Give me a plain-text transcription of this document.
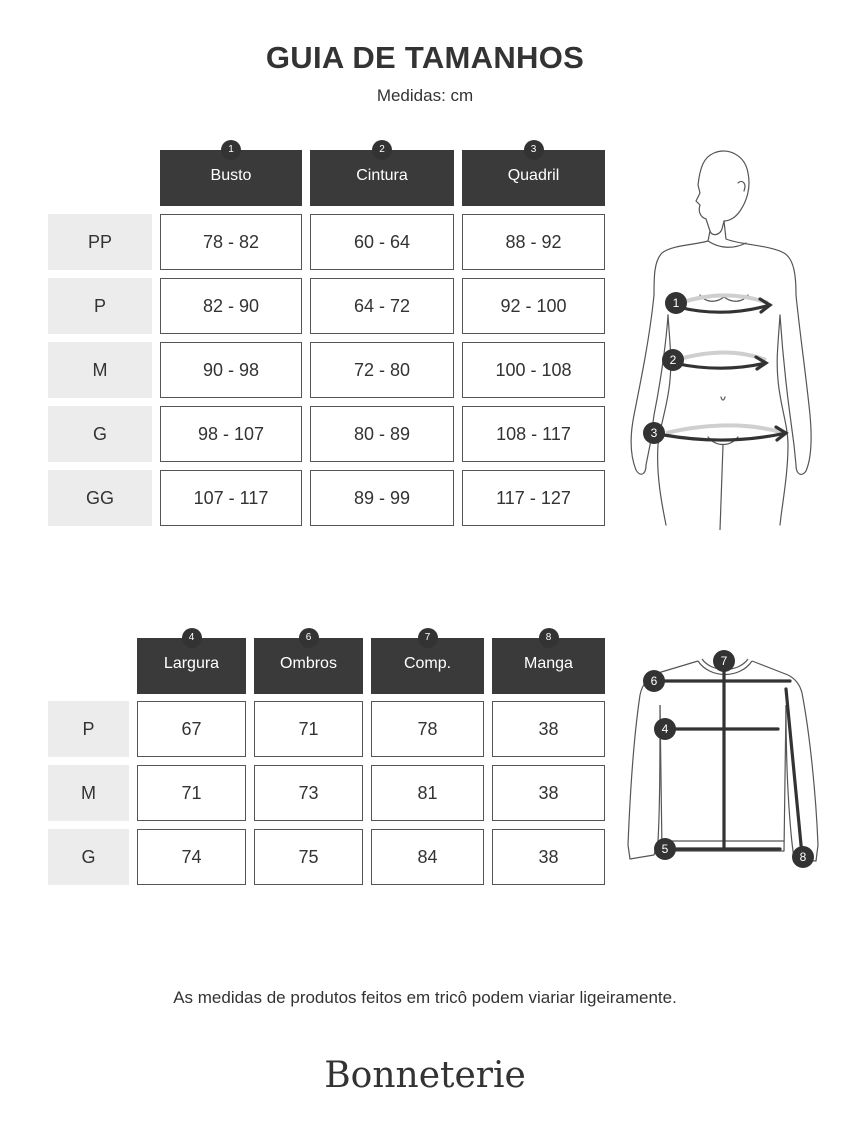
GUIA DE TAMANHOS
Medidas: cm
1
Busto
2
Cintura
3
Quadril
PP	78 - 82	60 - 64	88 - 92
P	82 - 90	64 - 72	92 - 100
M	90 - 98	72 - 80	100 - 108
G	98 - 107	80 - 89	108 - 117
GG	107 - 117	89 - 99	117 - 127
1
2
3
4
Largura
6
Ombros
7
Comp.
8
Manga
P	67	71	78	38
M	71	73	81	38
G	74	75	84	38
6
7
4
5
8
As medidas de produtos feitos em tricô podem viariar ligeiramente.
Bonneterie
